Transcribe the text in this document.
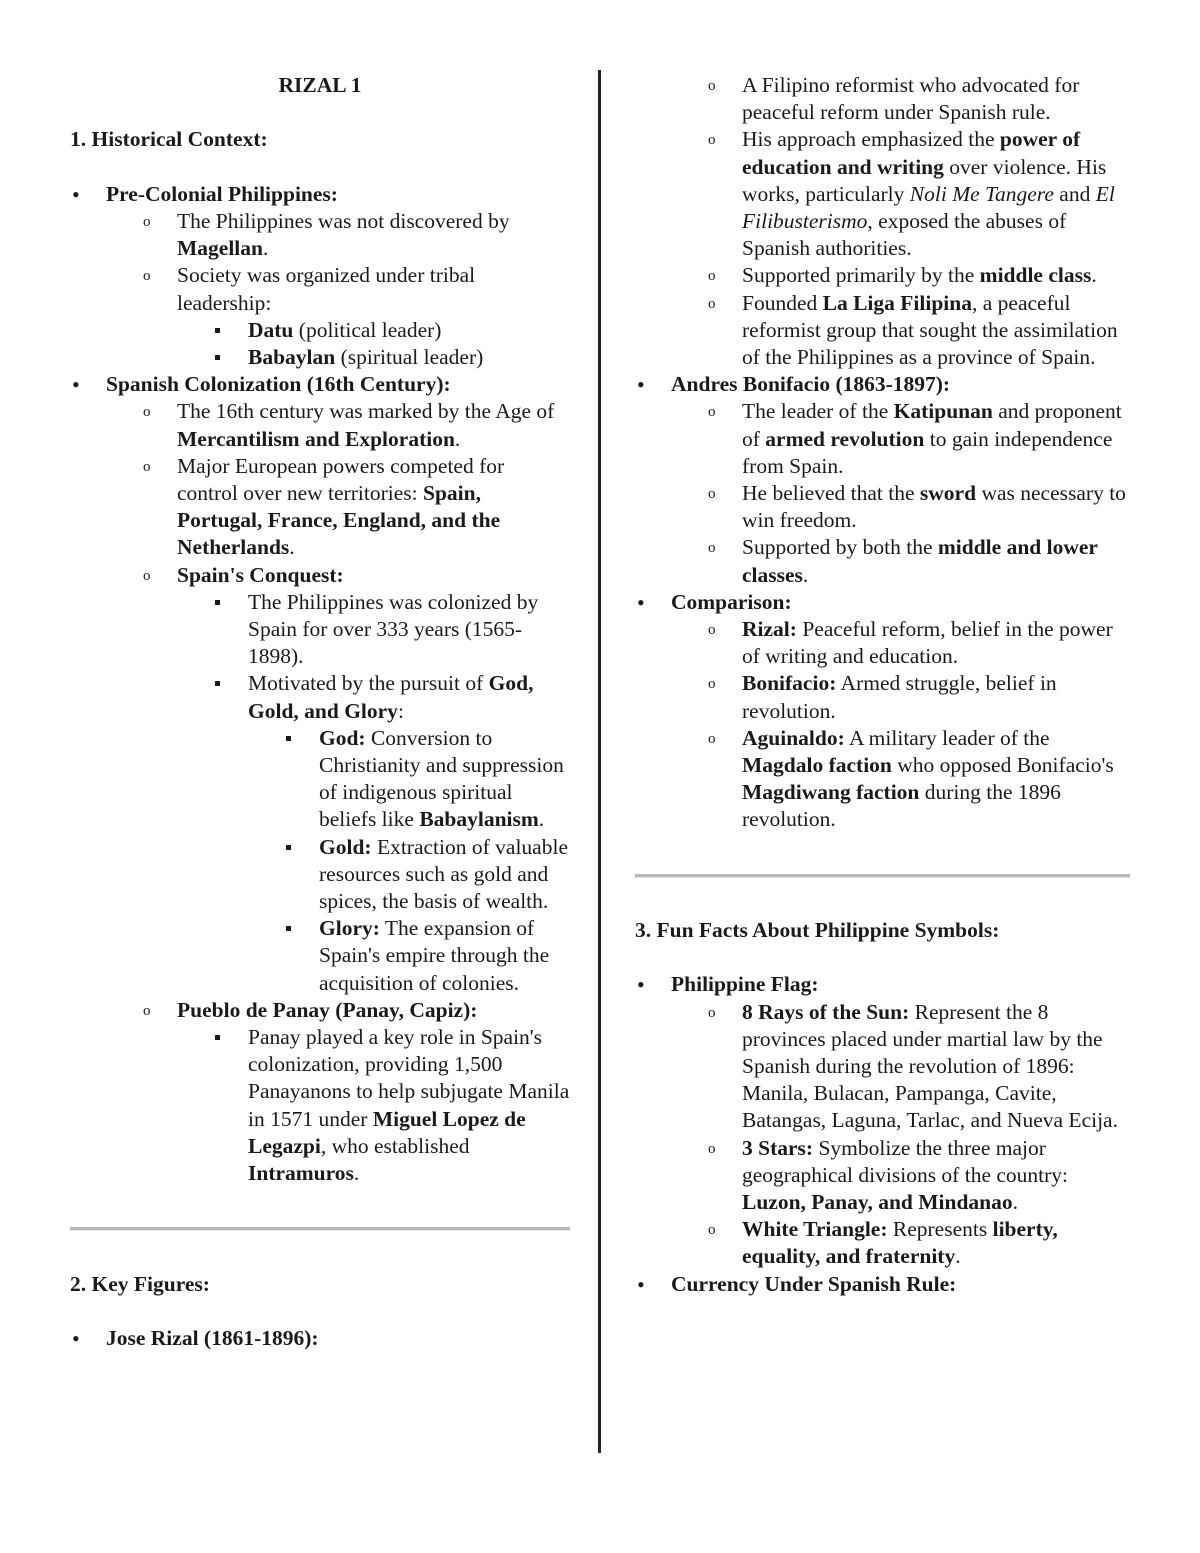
RIZAL 1

1. Historical Context:

Pre-Colonial Philippines:
The Philippines was not discovered by Magellan.
Society was organized under tribal leadership:
Datu (political leader)
Babaylan (spiritual leader)
Spanish Colonization (16th Century):
The 16th century was marked by the Age of Mercantilism and Exploration.
Major European powers competed for control over new territories: Spain, Portugal, France, England, and the Netherlands.
Spain's Conquest:
The Philippines was colonized by Spain for over 333 years (1565-1898).
Motivated by the pursuit of God, Gold, and Glory:
God: Conversion to Christianity and suppression of indigenous spiritual beliefs like Babaylanism.
Gold: Extraction of valuable resources such as gold and spices, the basis of wealth.
Glory: The expansion of Spain's empire through the acquisition of colonies.
Pueblo de Panay (Panay, Capiz):
Panay played a key role in Spain's colonization, providing 1,500 Panayanons to help subjugate Manila in 1571 under Miguel Lopez de Legazpi, who established Intramuros.

2. Key Figures:

Jose Rizal (1861-1896):
A Filipino reformist who advocated for peaceful reform under Spanish rule.
His approach emphasized the power of education and writing over violence. His works, particularly Noli Me Tangere and El Filibusterismo, exposed the abuses of Spanish authorities.
Supported primarily by the middle class.
Founded La Liga Filipina, a peaceful reformist group that sought the assimilation of the Philippines as a province of Spain.
Andres Bonifacio (1863-1897):
The leader of the Katipunan and proponent of armed revolution to gain independence from Spain.
He believed that the sword was necessary to win freedom.
Supported by both the middle and lower classes.
Comparison:
Rizal: Peaceful reform, belief in the power of writing and education.
Bonifacio: Armed struggle, belief in revolution.
Aguinaldo: A military leader of the Magdalo faction who opposed Bonifacio's Magdiwang faction during the 1896 revolution.

3. Fun Facts About Philippine Symbols:

Philippine Flag:
8 Rays of the Sun: Represent the 8 provinces placed under martial law by the Spanish during the revolution of 1896: Manila, Bulacan, Pampanga, Cavite, Batangas, Laguna, Tarlac, and Nueva Ecija.
3 Stars: Symbolize the three major geographical divisions of the country: Luzon, Panay, and Mindanao.
White Triangle: Represents liberty, equality, and fraternity.
Currency Under Spanish Rule:
